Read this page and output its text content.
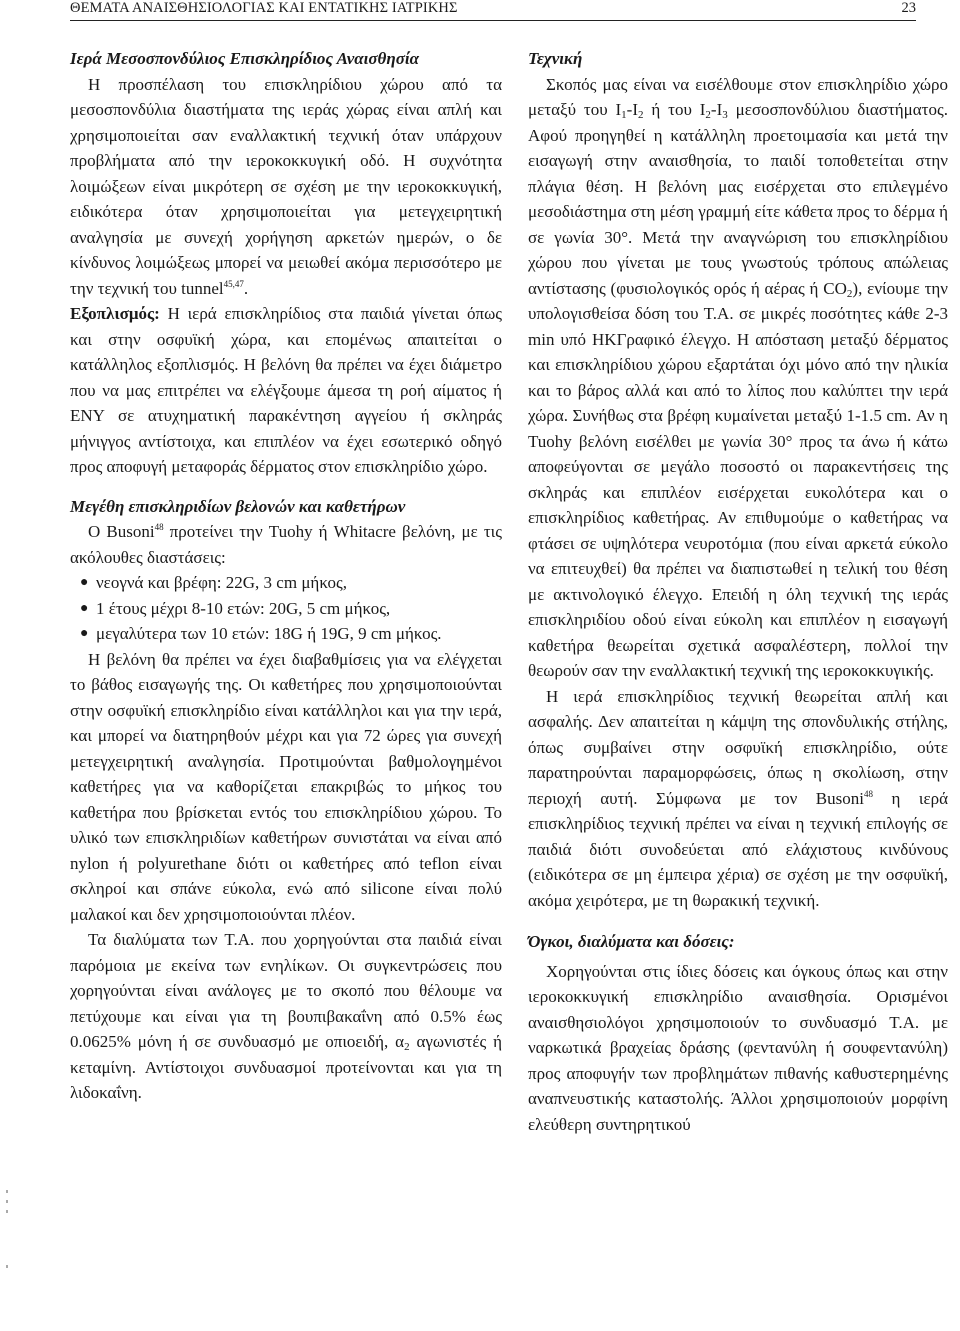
ΘΕΜΑΤΑ ΑΝΑΙΣΘΗΣΙΟΛΟΓΙΑΣ ΚΑΙ ΕΝΤΑΤΙΚΗΣ ΙΑΤΡΙΚΗΣ	23
Ιερά Μεσοσπονδύλιος Επισκληρίδιος Αναισθησία

Η προσπέλαση του επισκληρίδιου χώρου από τα μεσοσπονδύλια διαστήματα της ιεράς χώρας είναι απλή και χρησιμοποιείται σαν εναλλακτική τεχνική όταν υπάρχουν προβλήματα από την ιεροκοκκυγική οδό. Η συχνότητα λοιμώξεων είναι μικρότερη σε σχέση με την ιεροκοκκυγική, ειδικότερα όταν χρησιμοποιείται για μετεγχειρητική αναλγησία με συνεχή χορήγηση αρκετών ημερών, ο δε κίνδυνος λοιμώξεως μπορεί να μειωθεί ακόμα περισσότερο με την τεχνική του tunnel$^{45,47}$.

Εξοπλισμός: Η ιερά επισκληρίδιος στα παιδιά γίνεται όπως και στην οσφυϊκή χώρα, και επομένως απαιτείται ο κατάλληλος εξοπλισμός. Η βελόνη θα πρέπει να έχει διάμετρο που να μας επιτρέπει να ελέγξουμε άμεσα τη ροή αίματος ή ΕΝΥ σε ατυχηματική παρακέντηση αγγείου ή σκληράς μήνιγγος αντίστοιχα, και επιπλέον να έχει εσωτερικό οδηγό προς αποφυγή μεταφοράς δέρματος στον επισκληρίδιο χώρο.

Μεγέθη επισκληριδίων βελονών και καθετήρων

Ο Busoni$^{48}$ προτείνει την Tuohy ή Whitacre βελόνη, με τις ακόλουθες διαστάσεις:

● νεογνά και βρέφη: 22G, 3 cm μήκος,
● 1 έτους μέχρι 8-10 ετών: 20G, 5 cm μήκος,
● μεγαλύτερα των 10 ετών: 18G ή 19G, 9 cm μήκος.

Η βελόνη θα πρέπει να έχει διαβαθμίσεις για να ελέγχεται το βάθος εισαγωγής της. Οι καθετήρες που χρησιμοποιούνται στην οσφυϊκή επισκληρίδιο είναι κατάλληλοι και για την ιερά, και μπορεί να διατηρηθούν μέχρι και για 72 ώρες για συνεχή μετεγχειρητική αναλγησία. Προτιμούνται βαθμολογημένοι καθετήρες για να καθορίζεται επακριβώς το μήκος του καθετήρα που βρίσκεται εντός του επισκληρίδιου χώρου. Το υλικό των επισκληριδίων καθετήρων συνιστάται να είναι από nylon ή polyurethane διότι οι καθετήρες από teflon είναι σκληροί και σπάνε εύκολα, ενώ από silicone είναι πολύ μαλακοί και δεν χρησιμοποιούνται πλέον.

Τα διαλύματα των Τ.Α. που χορηγούνται στα παιδιά είναι παρόμοια με εκείνα των ενηλίκων. Οι συγκεντρώσεις που χορηγούνται είναι ανάλογες με το σκοπό που θέλουμε να πετύχουμε και είναι για τη βουπιβακαΐνη από 0.5% έως 0.0625% μόνη ή σε συνδυασμό με οπιοειδή, $\alpha_2$ αγωνιστές ή κεταμίνη. Αντίστοιχοι συνδυασμοί προτείνονται και για τη λιδοκαΐνη.

Τεχνική

Σκοπός μας είναι να εισέλθουμε στον επισκληρίδιο χώρο μεταξύ του $I_1-I_2$ ή του $I_2-I_3$ μεσοσπονδύλιου διαστήματος. Αφού προηγηθεί η κατάλληλη προετοιμασία και μετά την εισαγωγή στην αναισθησία, το παιδί τοποθετείται στην πλάγια θέση. Η βελόνη μας εισέρχεται στο επιλεγμένο μεσοδιάστημα στη μέση γραμμή είτε κάθετα προς το δέρμα ή σε γωνία 30°. Μετά την αναγνώριση του επισκληρίδιου χώρου που γίνεται με τους γνωστούς τρόπους απώλειας αντίστασης (φυσιολογικός ορός ή αέρας ή $CO_2$), ενίουμε την υπολογισθείσα δόση του Τ.Α. σε μικρές ποσότητες κάθε 2-3 min υπό ΗΚΓραφικό έλεγχο. Η απόσταση μεταξύ δέρματος και επισκληρίδιου χώρου εξαρτάται όχι μόνο από την ηλικία και το βάρος αλλά και από το λίπος που καλύπτει την ιερά χώρα. Συνήθως στα βρέφη κυμαίνεται μεταξύ 1-1.5 cm. Αν η Tuohy βελόνη εισέλθει με γωνία 30° προς τα άνω ή κάτω αποφεύγονται σε μεγάλο ποσοστό οι παρακεντήσεις της σκληράς και επιπλέον εισέρχεται ευκολότερα και ο επισκληρίδιος καθετήρας. Αν επιθυμούμε ο καθετήρας να φτάσει σε υψηλότερα νευροτόμια (που είναι αρκετά εύκολο να επιτευχθεί) θα πρέπει να διαπιστωθεί η τελική του θέση με ακτινολογικό έλεγχο. Επειδή η όλη τεχνική της ιεράς επισκληριδίου οδού είναι εύκολη και επιπλέον η εισαγωγή καθετήρα θεωρείται σχετικά ασφαλέστερη, πολλοί την θεωρούν σαν την εναλλακτική τεχνική της ιεροκοκκυγικής.

Η ιερά επισκληρίδιος τεχνική θεωρείται απλή και ασφαλής. Δεν απαιτείται η κάμψη της σπονδυλικής στήλης, όπως συμβαίνει στην οσφυϊκή επισκληρίδιο, ούτε παρατηρούνται παραμορφώσεις, όπως η σκολίωση, στην περιοχή αυτή. Σύμφωνα με τον Busoni$^{48}$ η ιερά επισκληρίδιος τεχνική πρέπει να είναι η τεχνική επιλογής σε παιδιά διότι συνοδεύεται από ελάχιστους κινδύνους (ειδικότερα σε μη έμπειρα χέρια) σε σχέση με την οσφυϊκή, ακόμα χειρότερα, με τη θωρακική τεχνική.

Όγκοι, διαλύματα και δόσεις:

Χορηγούνται στις ίδιες δόσεις και όγκους όπως και στην ιεροκοκκυγική επισκληρίδιο αναισθησία. Ορισμένοι αναισθησιολόγοι χρησιμοποιούν το συνδυασμό Τ.Α. με ναρκωτικά βραχείας δράσης (φεντανύλη ή σουφεντανύλη) προς αποφυγήν των προβλημάτων πιθανής καθυστερημένης αναπνευστικής καταστολής. Άλλοι χρησιμοποιούν μορφίνη ελεύθερη συντηρητικού
